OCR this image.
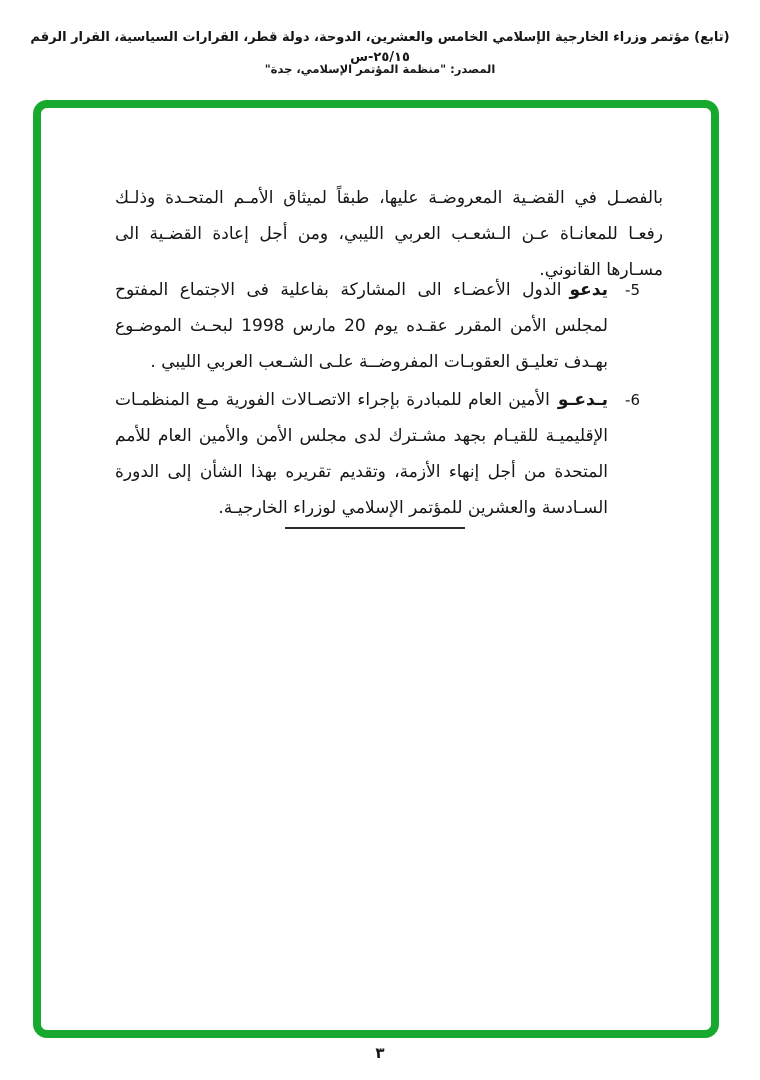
(تابع) مؤتمر وزراء الخارجية الإسلامي الخامس والعشرين، الدوحة، دولة قطر، القرارات السياسية، القرار الرقم ٢٥/١٥-س
المصدر: "منظمة المؤتمر الإسلامي، جدة"
بالفصـل في القضـية المعروضـة عليها، طبقاً لميثاق الأمـم المتحـدة وذلـك رفعـا للمعانـاة عـن الـشعـب العربي الليبي، ومن أجل إعادة القضـية الى مسـارها القانوني.
5-
يدعوالدول الأعضـاء الى المشاركة بفاعلية فى الاجتماع المفتوح لمجلس الأمن المقرر عقـده يوم 20 مارس 1998 لبحـث الموضـوع بهـدف تعليـق العقوبـات المفروضــة علـى الشـعب العربي الليبي .
6-
يـدعـوالأمين العام للمبادرة بإجراء الاتصـالات الفورية مـع المنظمـات الإقليميـة للقيـام بجهد مشـترك لدى مجلس الأمن والأمين العام للأمم المتحدة من أجل إنهاء الأزمة، وتقديم تقريره بهذا الشأن إلى الدورة السـادسة والعشرين للمؤتمر الإسلامي لوزراء الخارجيـة.
٣
